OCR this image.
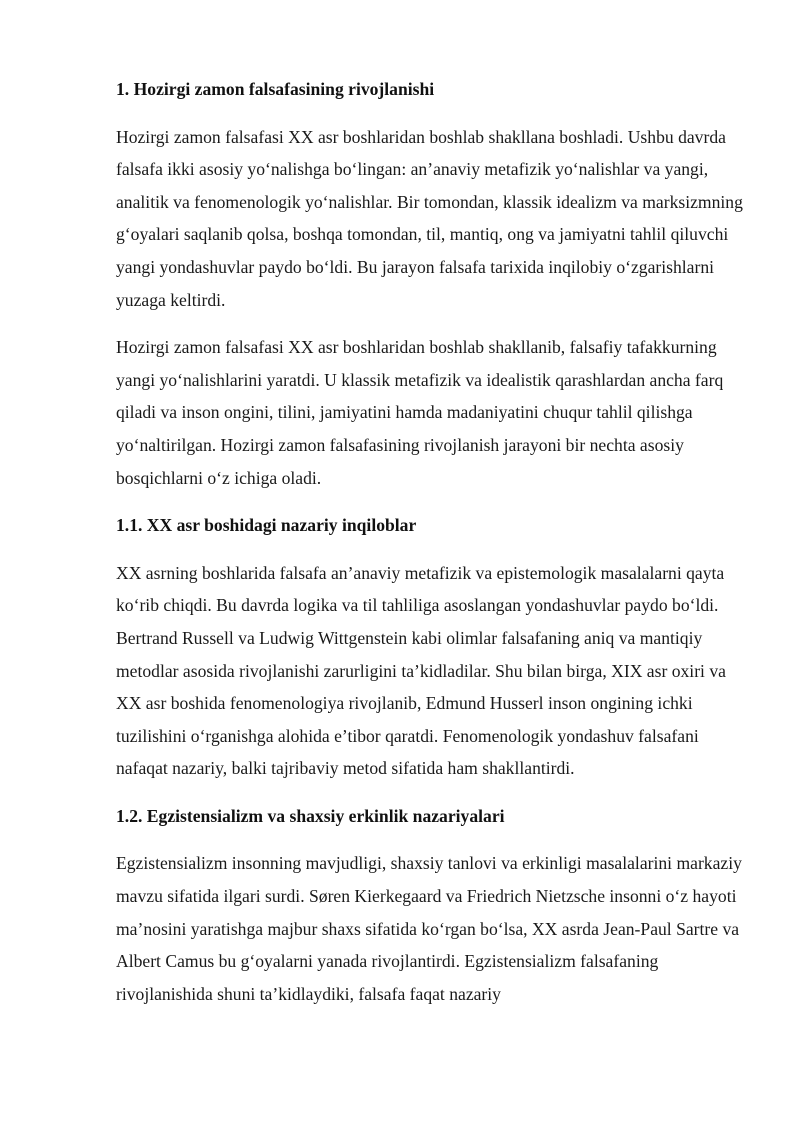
1. Hozirgi zamon falsafasining rivojlanishi

Hozirgi zamon falsafasi XX asr boshlaridan boshlab shakllana boshladi. Ushbu davrda falsafa ikki asosiy yo‘nalishga bo‘lingan: an’anaviy metafizik yo‘nalishlar va yangi, analitik va fenomenologik yo‘nalishlar. Bir tomondan, klassik idealizm va marksizmning g‘oyalari saqlanib qolsa, boshqa tomondan, til, mantiq, ong va jamiyatni tahlil qiluvchi yangi yondashuvlar paydo bo‘ldi. Bu jarayon falsafa tarixida inqilobiy o‘zgarishlarni yuzaga keltirdi.

Hozirgi zamon falsafasi XX asr boshlaridan boshlab shakllanib, falsafiy tafakkurning yangi yo‘nalishlarini yaratdi. U klassik metafizik va idealistik qarashlardan ancha farq qiladi va inson ongini, tilini, jamiyatini hamda madaniyatini chuqur tahlil qilishga yo‘naltirilgan. Hozirgi zamon falsafasining rivojlanish jarayoni bir nechta asosiy bosqichlarni o‘z ichiga oladi.

1.1. XX asr boshidagi nazariy inqiloblar

XX asrning boshlarida falsafa an’anaviy metafizik va epistemologik masalalarni qayta ko‘rib chiqdi. Bu davrda logika va til tahliliga asoslangan yondashuvlar paydo bo‘ldi. Bertrand Russell va Ludwig Wittgenstein kabi olimlar falsafaning aniq va mantiqiy metodlar asosida rivojlanishi zarurligini ta’kidladilar. Shu bilan birga, XIX asr oxiri va XX asr boshida fenomenologiya rivojlanib, Edmund Husserl inson ongining ichki tuzilishini o‘rganishga alohida e’tibor qaratdi. Fenomenologik yondashuv falsafani nafaqat nazariy, balki tajribaviy metod sifatida ham shakllantirdi.

1.2. Egzistensializm va shaxsiy erkinlik nazariyalari

Egzistensializm insonning mavjudligi, shaxsiy tanlovi va erkinligi masalalarini markaziy mavzu sifatida ilgari surdi. Søren Kierkegaard va Friedrich Nietzsche insonni o‘z hayoti ma’nosini yaratishga majbur shaxs sifatida ko‘rgan bo‘lsa, XX asrda Jean-Paul Sartre va Albert Camus bu g‘oyalarni yanada rivojlantirdi. Egzistensializm falsafaning rivojlanishida shuni ta’kidlaydiki, falsafa faqat nazariy
